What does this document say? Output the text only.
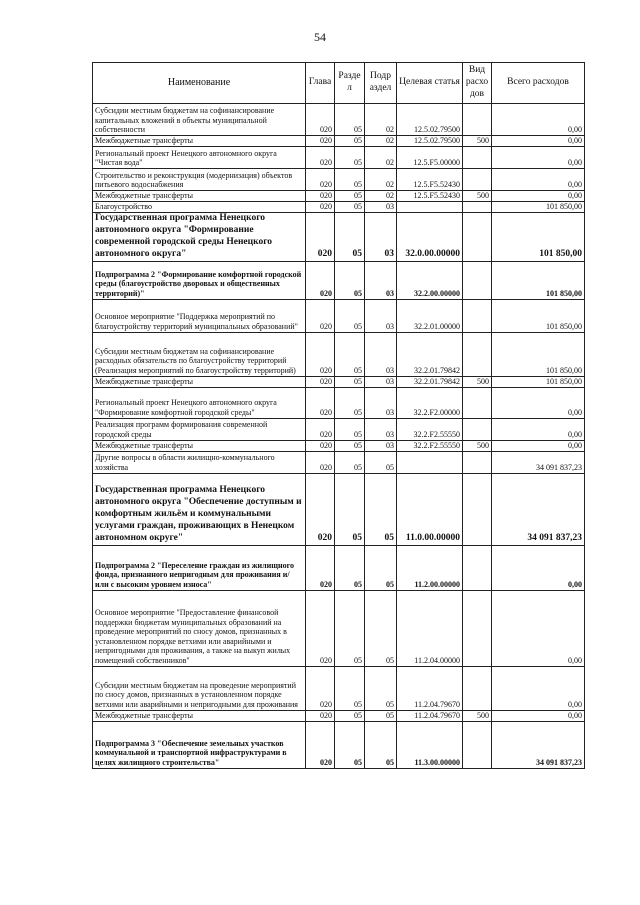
54
Наименование	Глава	Разде л	Подр аздел	Целевая статья	Вид расхо дов	Всего расходов
Субсидии местным бюджетам на софинансирование капитальных вложений в объекты муниципальной собственности	020	05	02	12.5.02.79500		0,00
Межбюджетные трансферты	020	05	02	12.5.02.79500	500	0,00
Региональный проект Ненецкого автономного округа "Чистая вода"	020	05	02	12.5.F5.00000		0,00
Строительство и реконструкция (модернизация) объектов питьевого водоснабжения	020	05	02	12.5.F5.52430		0,00
Межбюджетные трансферты	020	05	02	12.5.F5.52430	500	0,00
Благоустройство	020	05	03			101 850,00
Государственная программа Ненецкого автономного округа "Формирование современной городской среды Ненецкого автономного округа"	020	05	03	32.0.00.00000		101 850,00
Подпрограмма 2 "Формирование комфортной городской среды (благоустройство дворовых и общественных территорий)"	020	05	03	32.2.00.00000		101 850,00
Основное мероприятие "Поддержка мероприятий по благоустройству территорий муниципальных образований"	020	05	03	32.2.01.00000		101 850,00
Субсидии местным бюджетам на софинансирование расходных обязательств по благоустройству территорий (Реализация мероприятий по благоустройству территорий)	020	05	03	32.2.01.79842		101 850,00
Межбюджетные трансферты	020	05	03	32.2.01.79842	500	101 850,00
Региональный проект Ненецкого автономного округа "Формирование комфортной городской среды"	020	05	03	32.2.F2.00000		0,00
Реализация программ формирования современной городской среды	020	05	03	32.2.F2.55550		0,00
Межбюджетные трансферты	020	05	03	32.2.F2.55550	500	0,00
Другие вопросы в области жилищно-коммунального хозяйства	020	05	05			34 091 837,23
Государственная программа Ненецкого автономного округа "Обеспечение доступным и комфортным жильём и коммунальными услугами граждан, проживающих в Ненецком автономном округе"	020	05	05	11.0.00.00000		34 091 837,23
Подпрограмма 2 "Переселение граждан из жилищного фонда, признанного непригодным для проживания и/или с высоким уровнем износа"	020	05	05	11.2.00.00000		0,00
Основное мероприятие "Предоставление финансовой поддержки бюджетам муниципальных образований на проведение мероприятий по сносу домов, признанных в установленном порядке ветхими или аварийными и непригодными для проживания, а также на выкуп жилых помещений собственников"	020	05	05	11.2.04.00000		0,00
Субсидии местным бюджетам на проведение мероприятий по сносу домов, признанных в установленном порядке ветхими или аварийными и непригодными для проживания	020	05	05	11.2.04.79670		0,00
Межбюджетные трансферты	020	05	05	11.2.04.79670	500	0,00
Подпрограмма 3 "Обеспечение земельных участков коммунальной и транспортной инфраструктурами в целях жилищного строительства"	020	05	05	11.3.00.00000		34 091 837,23
